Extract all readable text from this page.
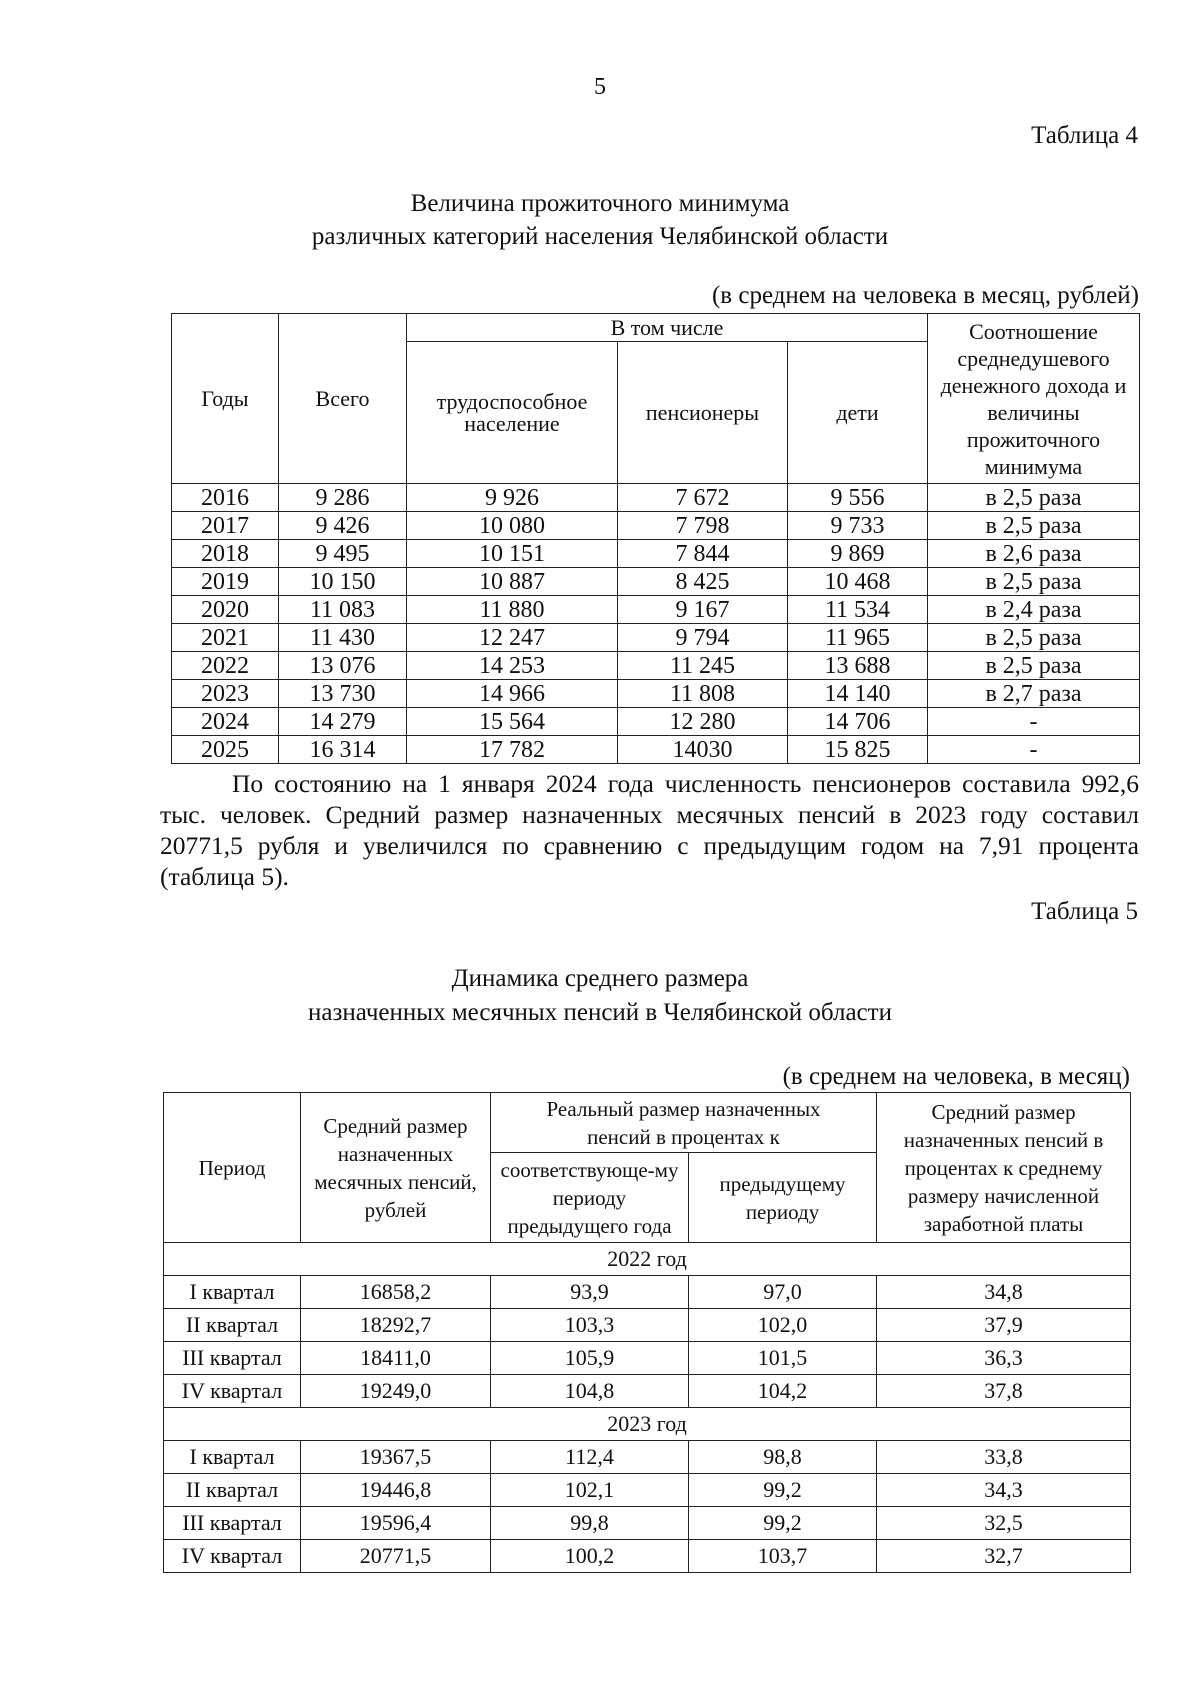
5
Таблица 4
Величина прожиточного минимума
различных категорий населения Челябинской области
(в среднем на человека в месяц, рублей)
Годы	Всего	В том числе			Соотношение среднедушевого денежного дохода и величины прожиточного минимума
		трудоспособное население	пенсионеры	дети	
2016	9 286	9 926	7 672	9 556	в 2,5 раза
2017	9 426	10 080	7 798	9 733	в 2,5 раза
2018	9 495	10 151	7 844	9 869	в 2,6 раза
2019	10 150	10 887	8 425	10 468	в 2,5 раза
2020	11 083	11 880	9 167	11 534	в 2,4 раза
2021	11 430	12 247	9 794	11 965	в 2,5 раза
2022	13 076	14 253	11 245	13 688	в 2,5 раза
2023	13 730	14 966	11 808	14 140	в 2,7 раза
2024	14 279	15 564	12 280	14 706	-
2025	16 314	17 782	14030	15 825	-

По состоянию на 1 января 2024 года численность пенсионеров составила 992,6 тыс. человек. Средний размер назначенных месячных пенсий в 2023 году составил 20771,5 рубля и увеличился по сравнению с предыдущим годом на 7,91 процента (таблица 5).

Таблица 5
Динамика среднего размера
назначенных месячных пенсий в Челябинской области
(в среднем на человека, в месяц)
Период	Средний размер назначенных месячных пенсий, рублей	Реальный размер назначенных пенсий в процентах к		Средний размер назначенных пенсий в процентах к среднему размеру начисленной заработной платы
		соответствующе-му периоду предыдущего года	предыдущему периоду	
2022 год				
I квартал	16858,2	93,9	97,0	34,8
II квартал	18292,7	103,3	102,0	37,9
III квартал	18411,0	105,9	101,5	36,3
IV квартал	19249,0	104,8	104,2	37,8
2023 год				
I квартал	19367,5	112,4	98,8	33,8
II квартал	19446,8	102,1	99,2	34,3
III квартал	19596,4	99,8	99,2	32,5
IV квартал	20771,5	100,2	103,7	32,7
